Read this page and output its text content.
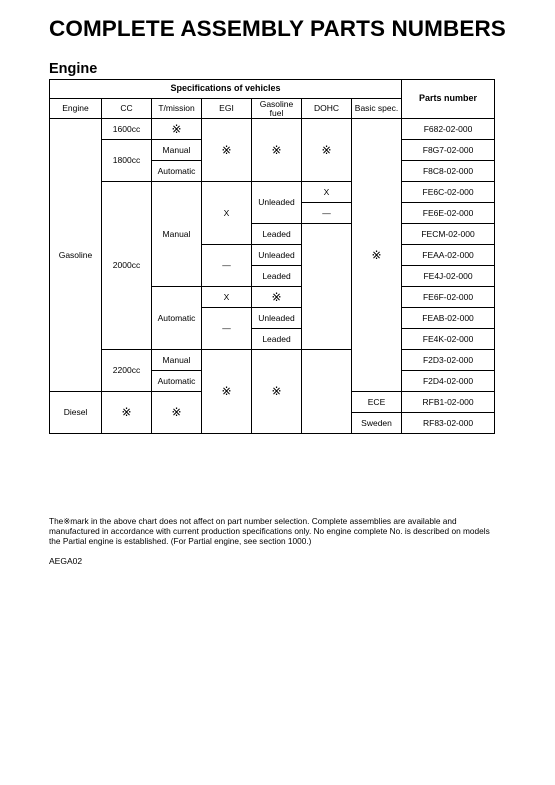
COMPLETE ASSEMBLY PARTS NUMBERS
Engine
Specifications of vehicles							Parts number
Engine	CC	T/mission	EGI	Gasoline fuel	DOHC	Basic spec.	
Gasoline	1600cc	※	※	※	※	※	F682-02-000
	1800cc	Manual					F8G7-02-000
		Automatic					F8C8-02-000
	2000cc	Manual	X	Unleaded	X		FE6C-02-000
					—		FE6E-02-000
				Leaded			FECM-02-000
			—	Unleaded			FEAA-02-000
				Leaded			FE4J-02-000
		Automatic	X	※			FE6F-02-000
			—	Unleaded			FEAB-02-000
				Leaded			FE4K-02-000
	2200cc	Manual	※	※			F2D3-02-000
		Automatic					F2D4-02-000
Diesel	※	※				ECE	RFB1-02-000
						Sweden	RF83-02-000

The※mark in the above chart does not affect on part number selection. Complete assemblies are available and manufactured in accordance with current production specifications only. No engine complete No. is described on models the Partial engine is established. (For Partial engine, see section 1000.)

AEGA02
